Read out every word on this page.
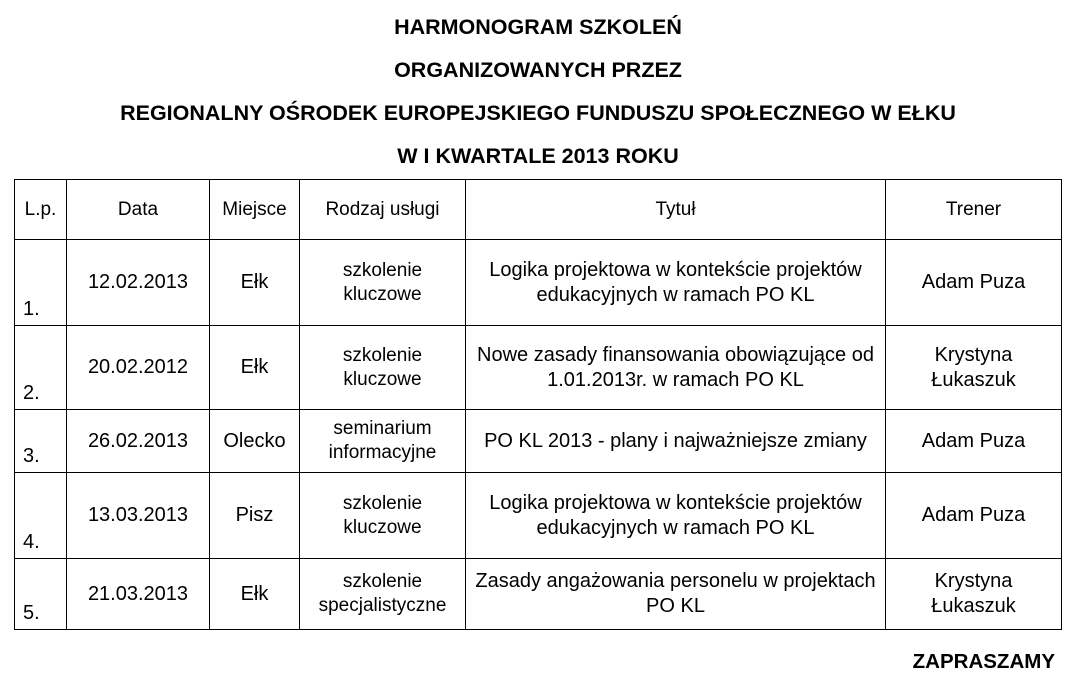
HARMONOGRAM SZKOLEŃ
ORGANIZOWANYCH PRZEZ
REGIONALNY OŚRODEK EUROPEJSKIEGO FUNDUSZU SPOŁECZNEGO W EŁKU
W I KWARTALE 2013 ROKU
L.p.	Data	Miejsce	Rodzaj usługi	Tytuł	Trener
1.	12.02.2013	Ełk	szkolenie kluczowe	Logika projektowa w kontekście projektów edukacyjnych w ramach PO KL	Adam Puza
2.	20.02.2012	Ełk	szkolenie kluczowe	Nowe zasady finansowania obowiązujące od 1.01.2013r. w ramach PO KL	Krystyna Łukaszuk
3.	26.02.2013	Olecko	seminarium informacyjne	PO KL 2013 - plany i najważniejsze zmiany	Adam Puza
4.	13.03.2013	Pisz	szkolenie kluczowe	Logika projektowa w kontekście projektów edukacyjnych w ramach PO KL	Adam Puza
5.	21.03.2013	Ełk	szkolenie specjalistyczne	Zasady angażowania personelu w projektach PO KL	Krystyna Łukaszuk
ZAPRASZAMY
